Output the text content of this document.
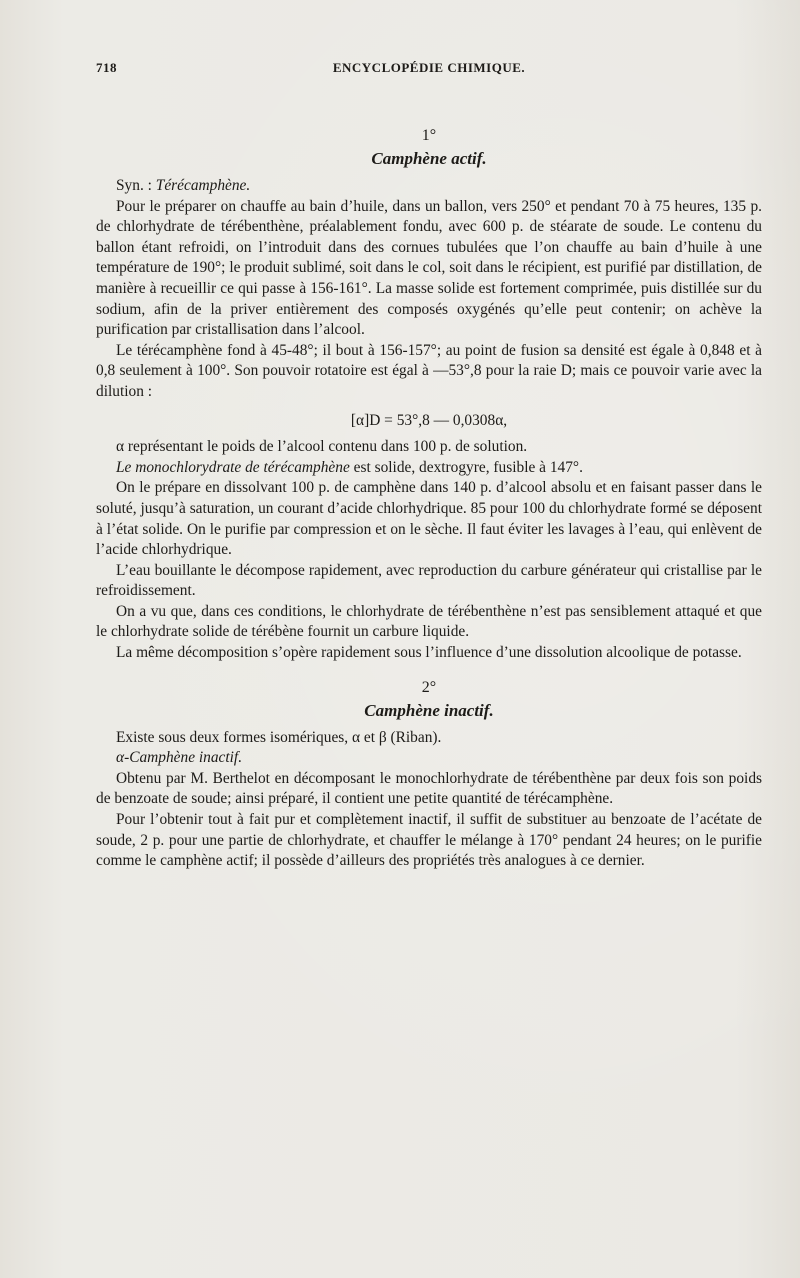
718	ENCYCLOPÉDIE CHIMIQUE.
1°
Camphène actif.

Syn. : Térécamphène.

Pour le préparer on chauffe au bain d’huile, dans un ballon, vers 250° et pendant 70 à 75 heures, 135 p. de chlorhydrate de térébenthène, préalablement fondu, avec 600 p. de stéarate de soude. Le contenu du ballon étant refroidi, on l’introduit dans des cornues tubulées que l’on chauffe au bain d’huile à une température de 190°; le produit sublimé, soit dans le col, soit dans le récipient, est purifié par distillation, de manière à recueillir ce qui passe à 156-161°. La masse solide est fortement comprimée, puis distillée sur du sodium, afin de la priver entièrement des composés oxygénés qu’elle peut contenir; on achève la purification par cristallisation dans l’alcool.

Le térécamphène fond à 45-48°; il bout à 156-157°; au point de fusion sa densité est égale à 0,848 et à 0,8 seulement à 100°. Son pouvoir rotatoire est égal à —53°,8 pour la raie D; mais ce pouvoir varie avec la dilution :

[α]D = 53°,8 — 0,0308α,

α représentant le poids de l’alcool contenu dans 100 p. de solution.

Le monochlorydrate de térécamphène est solide, dextrogyre, fusible à 147°.

On le prépare en dissolvant 100 p. de camphène dans 140 p. d’alcool absolu et en faisant passer dans le soluté, jusqu’à saturation, un courant d’acide chlorhydrique. 85 pour 100 du chlorhydrate formé se déposent à l’état solide. On le purifie par compression et on le sèche. Il faut éviter les lavages à l’eau, qui enlèvent de l’acide chlorhydrique.

L’eau bouillante le décompose rapidement, avec reproduction du carbure générateur qui cristallise par le refroidissement.

On a vu que, dans ces conditions, le chlorhydrate de térébenthène n’est pas sensiblement attaqué et que le chlorhydrate solide de térébène fournit un carbure liquide.

La même décomposition s’opère rapidement sous l’influence d’une dissolution alcoolique de potasse.

2°
Camphène inactif.

Existe sous deux formes isomériques, α et β (Riban).

α-Camphène inactif.

Obtenu par M. Berthelot en décomposant le monochlorhydrate de térébenthène par deux fois son poids de benzoate de soude; ainsi préparé, il contient une petite quantité de térécamphène.

Pour l’obtenir tout à fait pur et complètement inactif, il suffit de substituer au benzoate de l’acétate de soude, 2 p. pour une partie de chlorhydrate, et chauffer le mélange à 170° pendant 24 heures; on le purifie comme le camphène actif; il possède d’ailleurs des propriétés très analogues à ce dernier.
